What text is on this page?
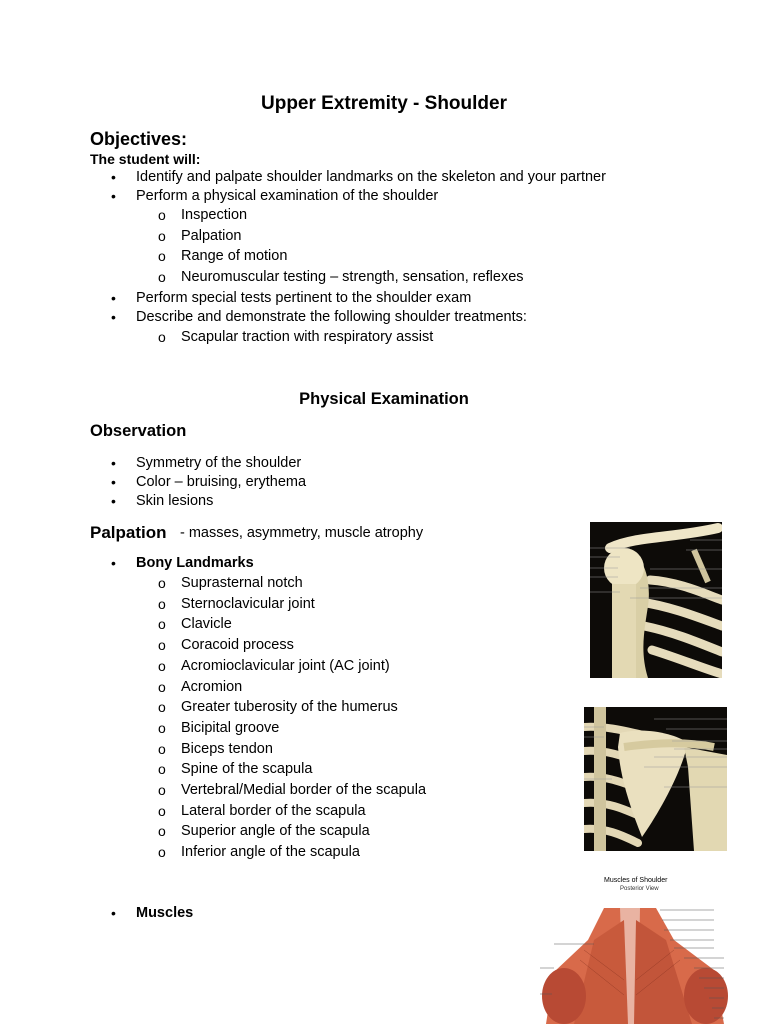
Upper Extremity - Shoulder
Objectives:
The student will:
• Identify and palpate shoulder landmarks on the skeleton and your partner
• Perform a physical examination of the shoulder
o Inspection
o Palpation
o Range of motion
o Neuromuscular testing – strength, sensation, reflexes
• Perform special tests pertinent to the shoulder exam
• Describe and demonstrate the following shoulder treatments:
o Scapular traction with respiratory assist
Physical Examination
Observation
• Symmetry of the shoulder
• Color – bruising, erythema
• Skin lesions
Palpation - masses, asymmetry, muscle atrophy
• Bony Landmarks
o Suprasternal notch
o Sternoclavicular joint
o Clavicle
o Coracoid process
o Acromioclavicular joint (AC joint)
o Acromion
o Greater tuberosity of the humerus
o Bicipital groove
o Biceps tendon
o Spine of the scapula
o Vertebral/Medial border of the scapula
o Lateral border of the scapula
o Superior angle of the scapula
o Inferior angle of the scapula
• Muscles
Muscles of Shoulder
Posterior View
